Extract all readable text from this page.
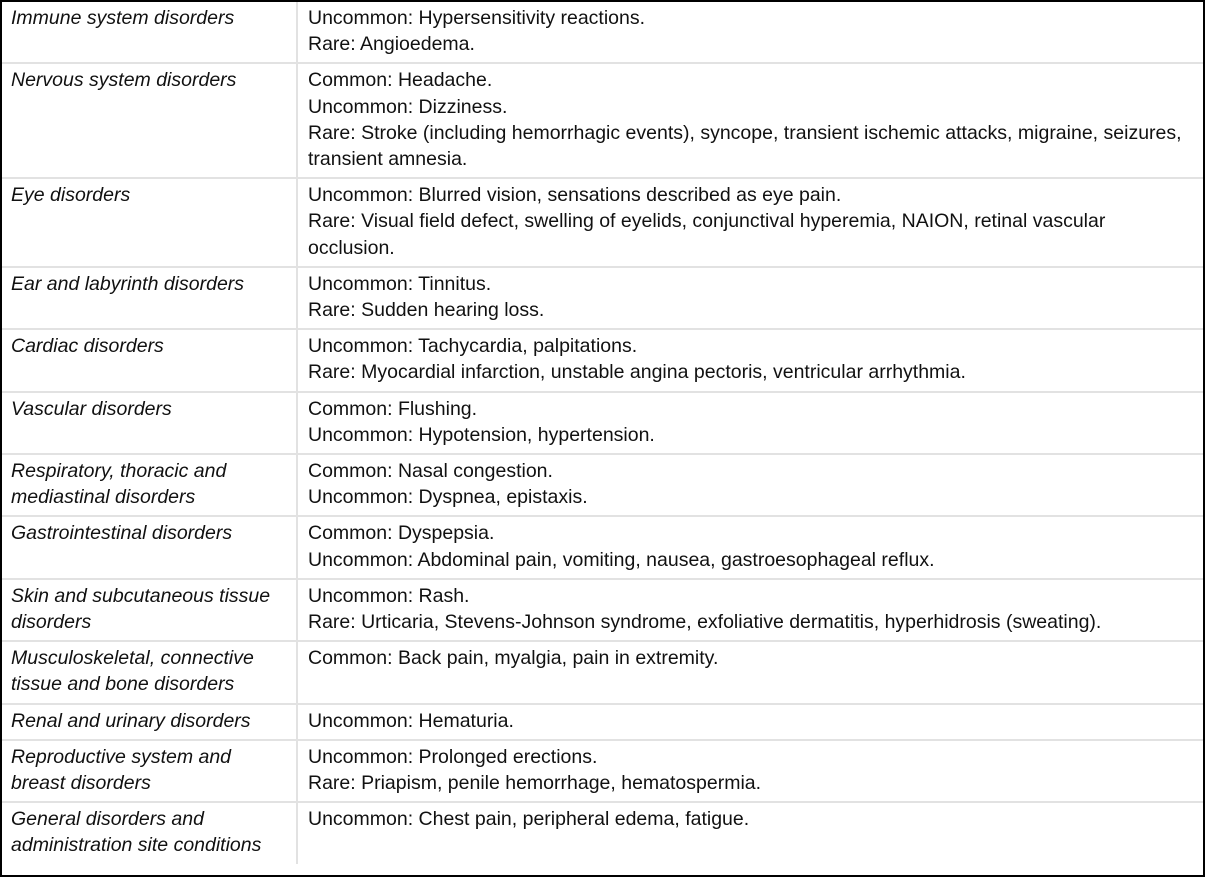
Immune system disorders	Uncommon: Hypersensitivity reactions.
Rare: Angioedema.

Nervous system disorders	Common: Headache.
Uncommon: Dizziness.
Rare: Stroke (including hemorrhagic events), syncope, transient ischemic attacks, migraine, seizures, transient amnesia.

Eye disorders	Uncommon: Blurred vision, sensations described as eye pain.
Rare: Visual field defect, swelling of eyelids, conjunctival hyperemia, NAION, retinal vascular occlusion.

Ear and labyrinth disorders	Uncommon: Tinnitus.
Rare: Sudden hearing loss.

Cardiac disorders	Uncommon: Tachycardia, palpitations.
Rare: Myocardial infarction, unstable angina pectoris, ventricular arrhythmia.

Vascular disorders	Common: Flushing.
Uncommon: Hypotension, hypertension.

Respiratory, thoracic and mediastinal disorders	Common: Nasal congestion.
Uncommon: Dyspnea, epistaxis.

Gastrointestinal disorders	Common: Dyspepsia.
Uncommon: Abdominal pain, vomiting, nausea, gastroesophageal reflux.

Skin and subcutaneous tissue disorders	Uncommon: Rash.
Rare: Urticaria, Stevens-Johnson syndrome, exfoliative dermatitis, hyperhidrosis (sweating).

Musculoskeletal, connective tissue and bone disorders	Common: Back pain, myalgia, pain in extremity.

Renal and urinary disorders	Uncommon: Hematuria.

Reproductive system and breast disorders	Uncommon: Prolonged erections.
Rare: Priapism, penile hemorrhage, hematospermia.

General disorders and administration site conditions	Uncommon: Chest pain, peripheral edema, fatigue.
